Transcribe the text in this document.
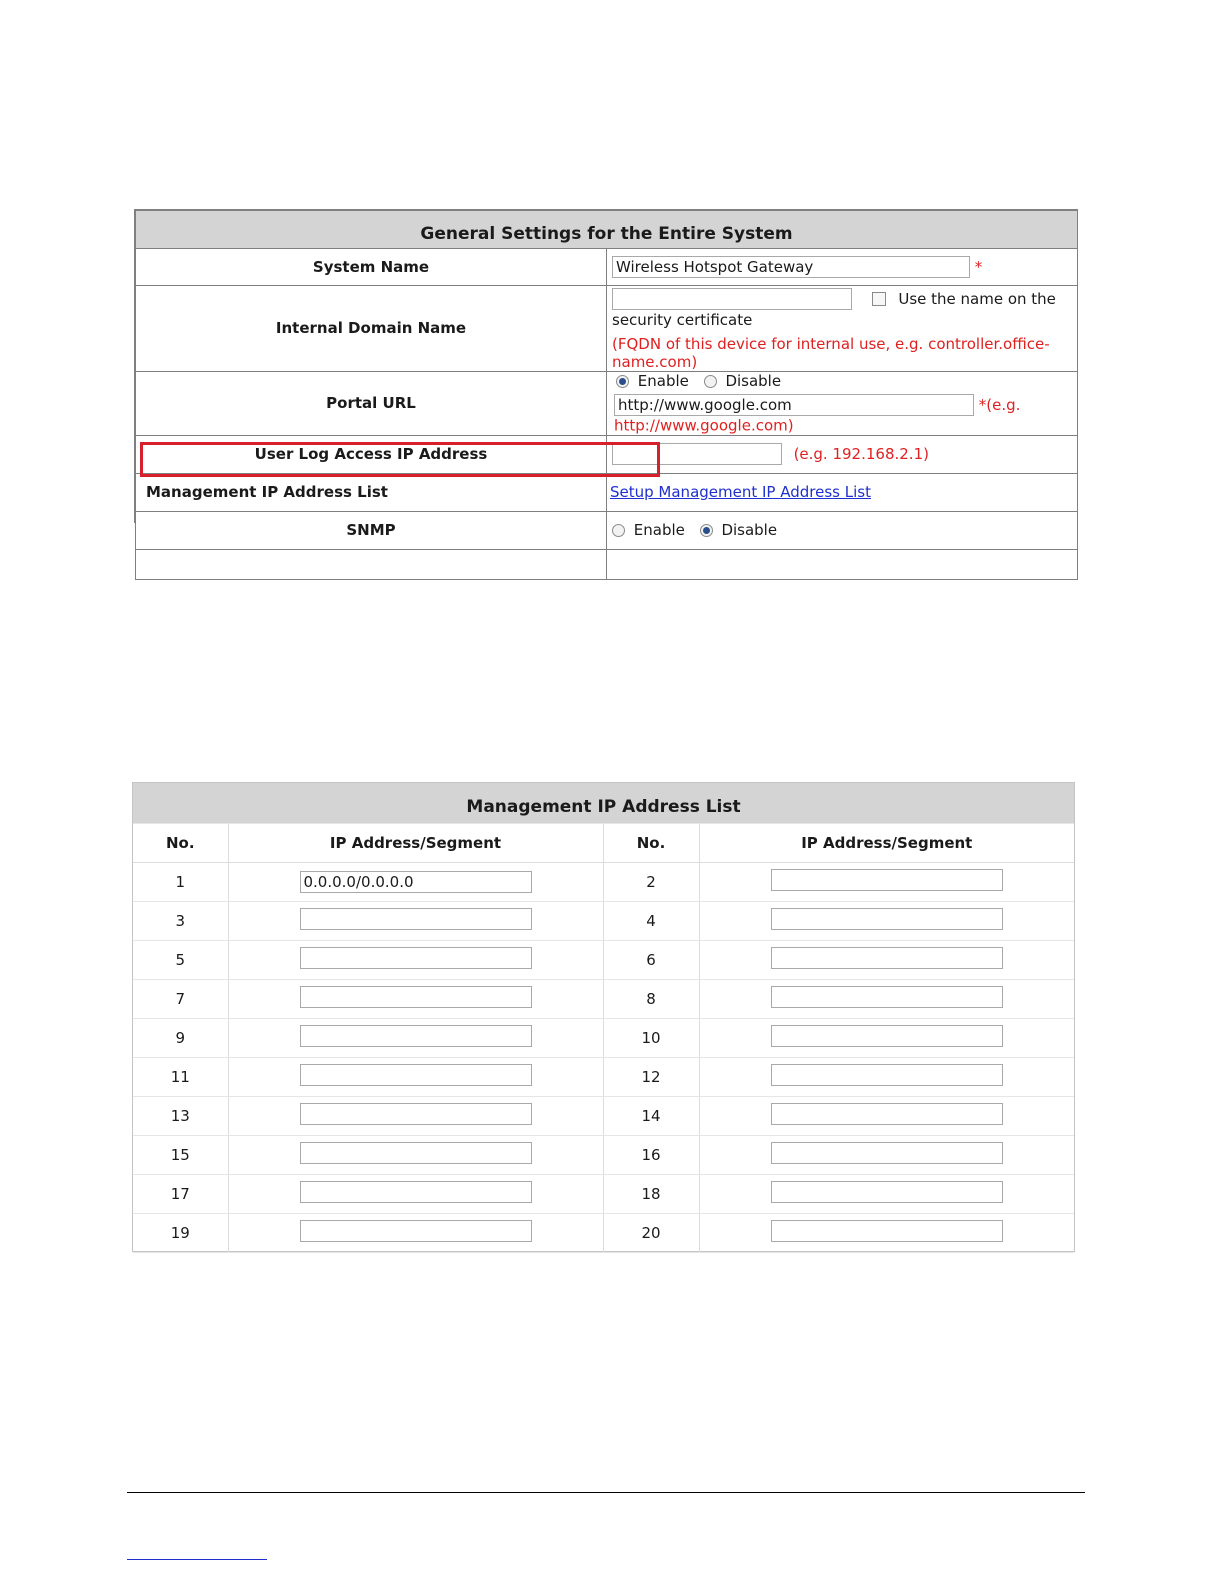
General Settings for the Entire System	
System Name	Wireless Hotspot Gateway *
Internal Domain Name	Use the name on the security certificate
(FQDN of this device for internal use, e.g. controller.office-name.com)

Portal URL	Enable Disable
http://www.google.com *(e.g. http://www.google.com)

User Log Access IP Address	(e.g. 192.168.2.1)
Management IP Address List	Setup Management IP Address List
SNMP	Enable Disable

Management IP Address List			
No.	IP Address/Segment	No.	IP Address/Segment
1	0.0.0.0/0.0.0.0	2	
3		4	
5		6	
7		8	
9		10	
11		12	
13		14	
15		16	
17		18	
19		20	
